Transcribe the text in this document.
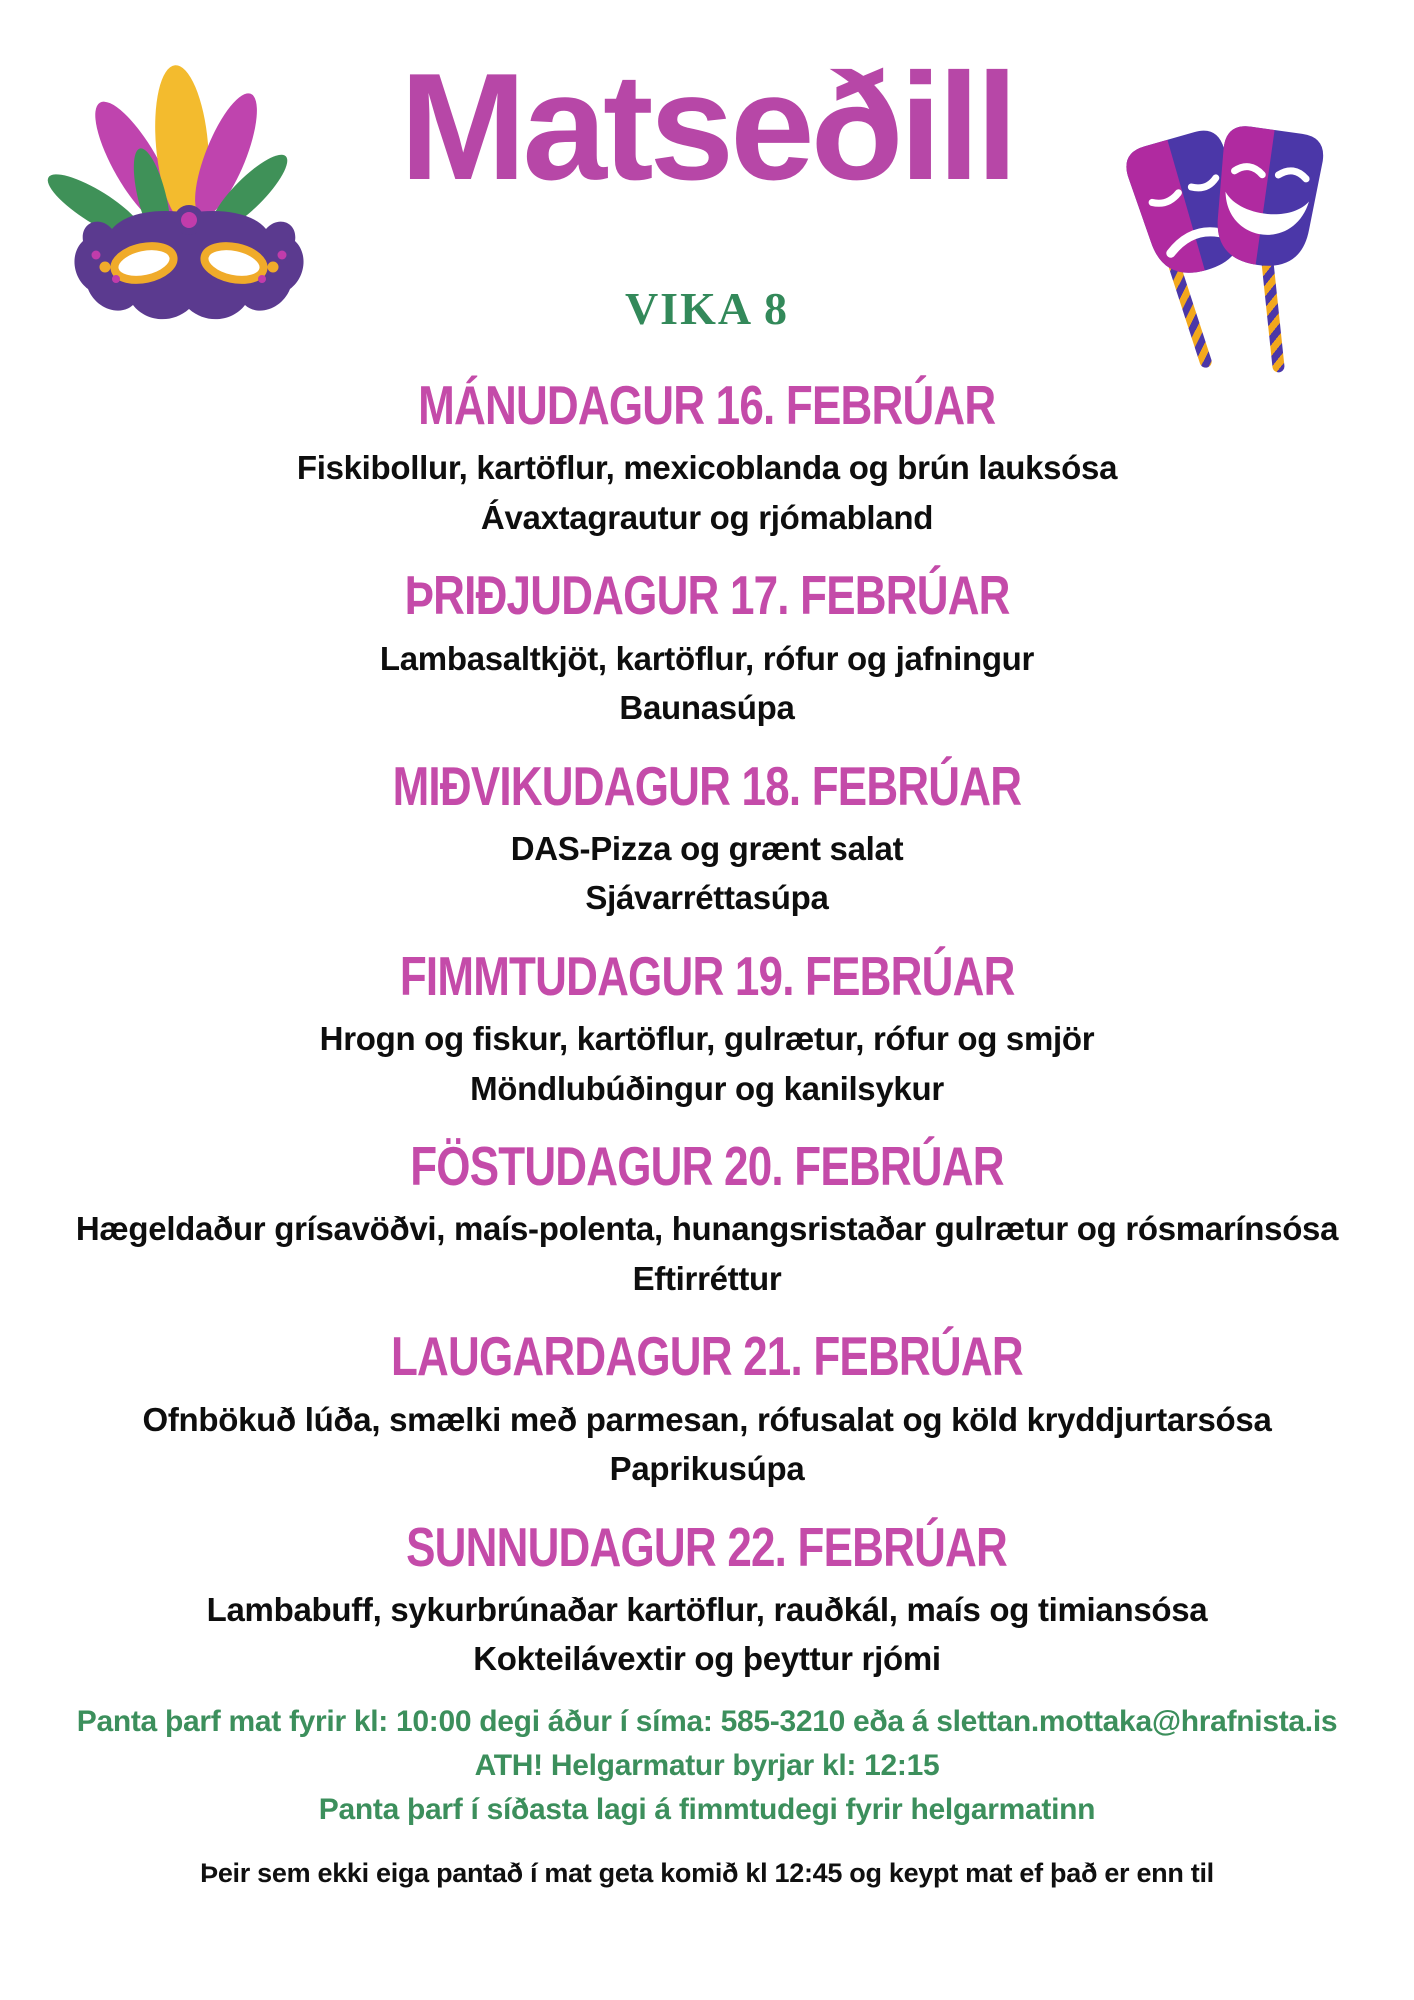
Matseðill

VIKA 8

MÁNUDAGUR 16. FEBRÚAR
Fiskibollur, kartöflur, mexicoblanda og brún lauksósa
Ávaxtagrautur og rjómabland
ÞRIÐJUDAGUR 17. FEBRÚAR
Lambasaltkjöt, kartöflur, rófur og jafningur
Baunasúpa
MIÐVIKUDAGUR 18. FEBRÚAR
DAS-Pizza og grænt salat
Sjávarréttasúpa
FIMMTUDAGUR 19. FEBRÚAR
Hrogn og fiskur, kartöflur, gulrætur, rófur og smjör
Möndlubúðingur og kanilsykur
FÖSTUDAGUR 20. FEBRÚAR
Hægeldaður grísavöðvi, maís-polenta, hunangsristaðar gulrætur og rósmarínsósa
Eftirréttur
LAUGARDAGUR 21. FEBRÚAR
Ofnbökuð lúða, smælki með parmesan, rófusalat og köld kryddjurtarsósa
Paprikusúpa
SUNNUDAGUR 22. FEBRÚAR
Lambabuff, sykurbrúnaðar kartöflur, rauðkál, maís og timiansósa
Kokteilávextir og þeyttur rjómi
Panta þarf mat fyrir kl: 10:00 degi áður í síma: 585-3210 eða á slettan.mottaka@hrafnista.is
ATH! Helgarmatur byrjar kl: 12:15
Panta þarf í síðasta lagi á fimmtudegi fyrir helgarmatinn
Þeir sem ekki eiga pantað í mat geta komið kl 12:45 og keypt mat ef það er enn til
